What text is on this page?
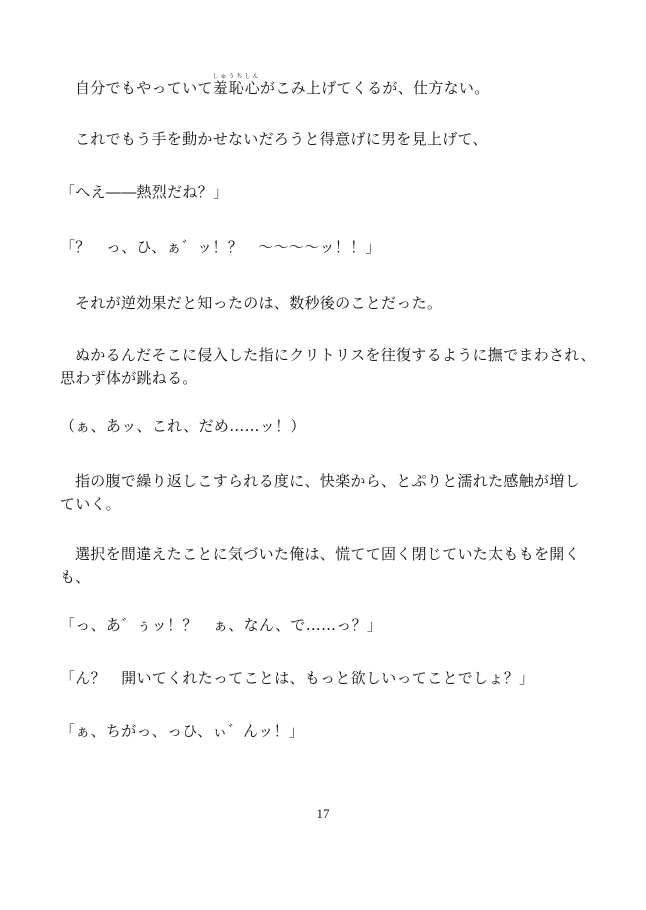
自分でもやっていて羞恥心しゅうちしんがこみ上げてくるが、仕方ない。
これでもう手を動かせないだろうと得意げに男を見上げて、
「へえ――熱烈だね？」
「？　っ、ひ、ぁ゛ッ！？　～～～～ッ！！」
それが逆効果だと知ったのは、数秒後のことだった。
ぬかるんだそこに侵入した指にクリトリスを往復するように撫でまわされ、
思わず体が跳ねる。
（ぁ、あッ、これ、だめ……ッ！）
指の腹で繰り返しこすられる度に、快楽から、とぷりと濡れた感触が増し
ていく。
選択を間違えたことに気づいた俺は、慌てて固く閉じていた太ももを開く
も、
「っ、あ゛ぅッ！？　ぁ、なん、で……っ？」
「ん？　開いてくれたってことは、もっと欲しいってことでしょ？」
「ぁ、ちがっ、っひ、ぃ゛んッ！」
17
